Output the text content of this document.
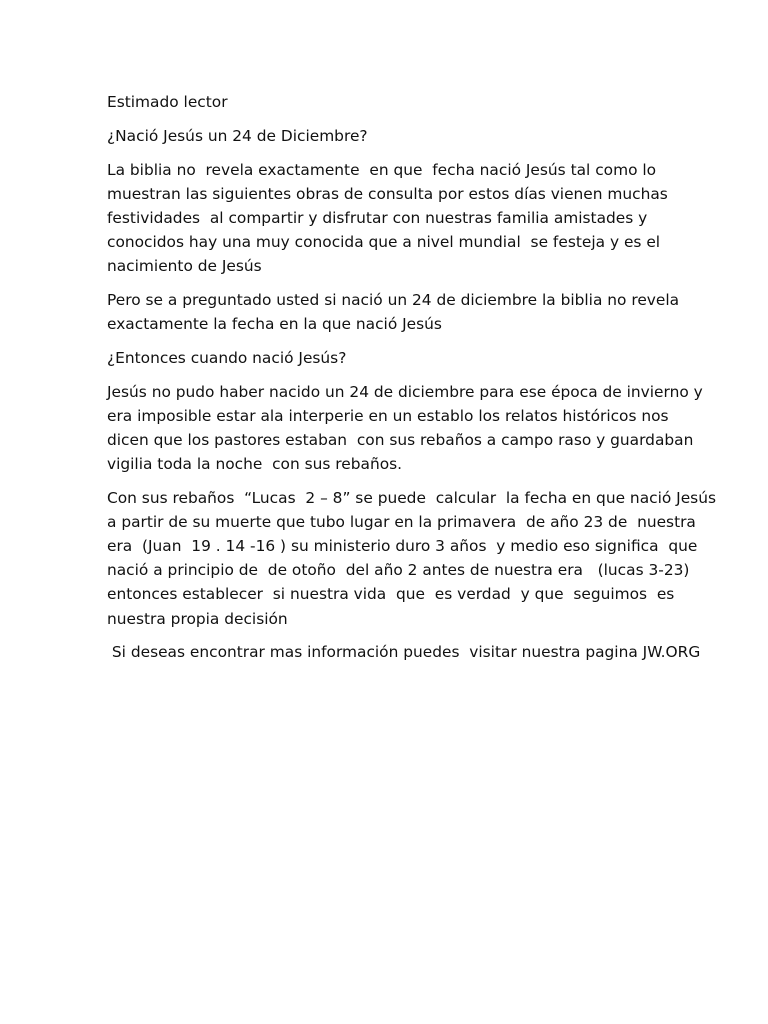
Estimado lector

¿Nació Jesús un 24 de Diciembre?

La biblia no  revela exactamente  en que  fecha nació Jesús tal como lo
muestran las siguientes obras de consulta por estos días vienen muchas
festividades  al compartir y disfrutar con nuestras familia amistades y
conocidos hay una muy conocida que a nivel mundial  se festeja y es el
nacimiento de Jesús

Pero se a preguntado usted si nació un 24 de diciembre la biblia no revela
exactamente la fecha en la que nació Jesús

¿Entonces cuando nació Jesús?

Jesús no pudo haber nacido un 24 de diciembre para ese época de invierno y
era imposible estar ala interperie en un establo los relatos históricos nos
dicen que los pastores estaban  con sus rebaños a campo raso y guardaban
vigilia toda la noche  con sus rebaños.

Con sus rebaños  “Lucas  2 – 8” se puede  calcular  la fecha en que nació Jesús
a partir de su muerte que tubo lugar en la primavera  de año 23 de  nuestra
era  (Juan  19 . 14 -16 ) su ministerio duro 3 años  y medio eso significa  que
nació a principio de  de otoño  del año 2 antes de nuestra era   (lucas 3-23)
entonces establecer  si nuestra vida  que  es verdad  y que  seguimos  es
nuestra propia decisión

Si deseas encontrar mas información puedes  visitar nuestra pagina JW.ORG
